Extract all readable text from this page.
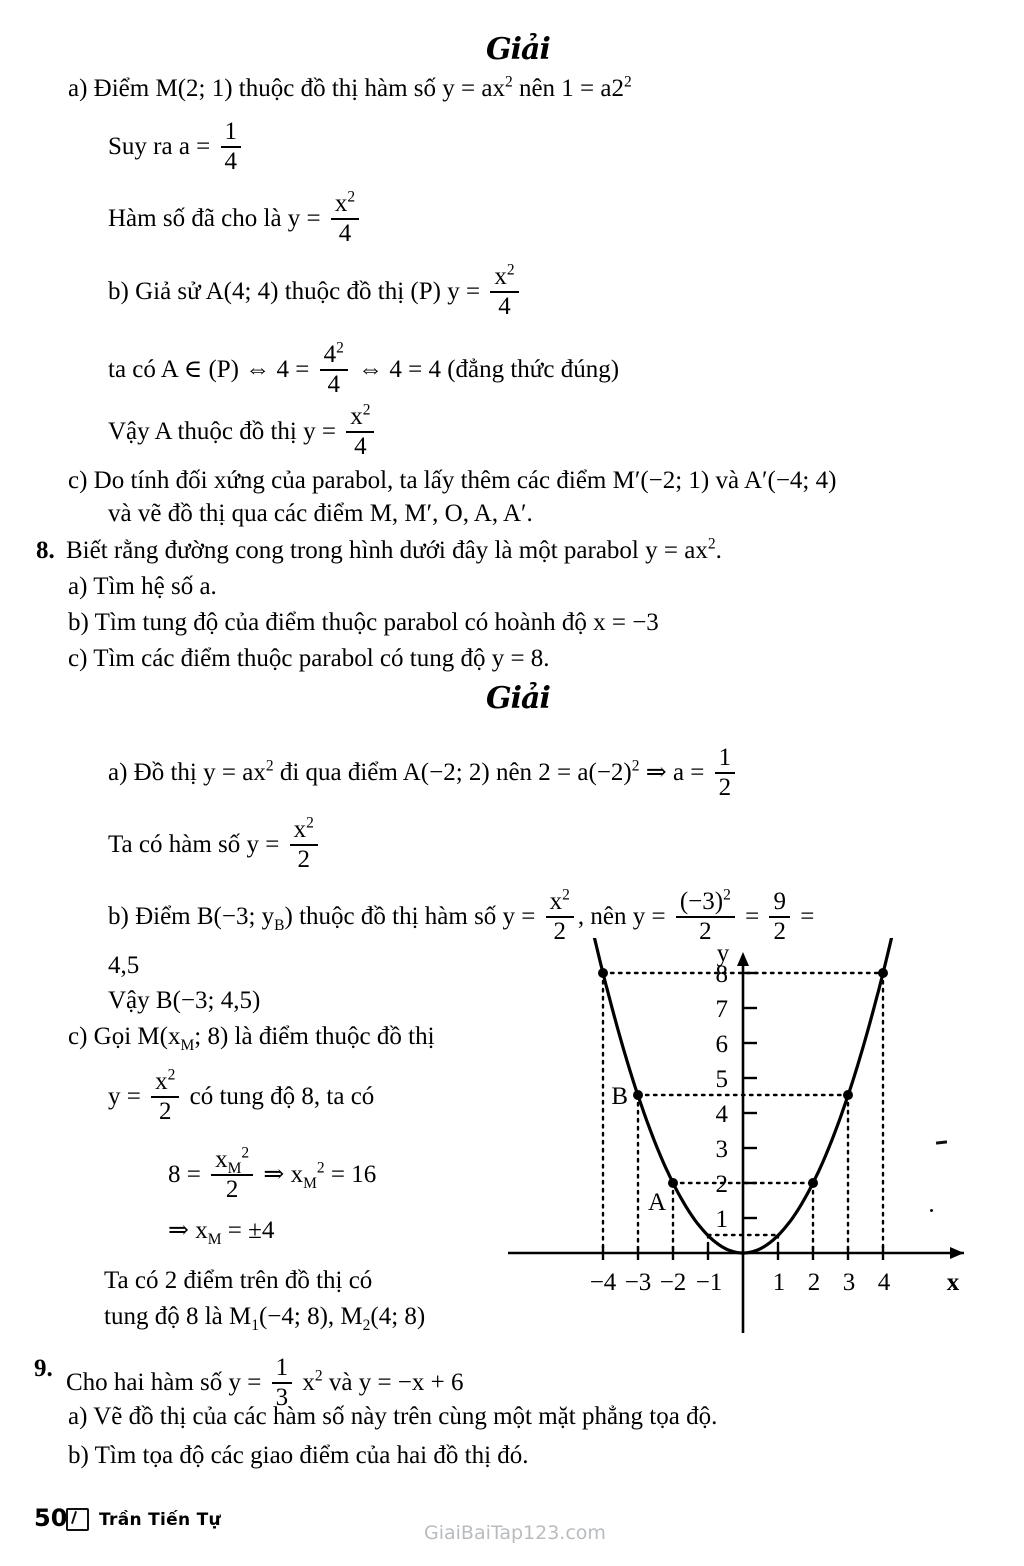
Giải
a) Điểm M(2; 1) thuộc đồ thị hàm số $y = ax^2$ nên $1 = a2^2$
Suy ra $a = \frac{1}{4}$
Hàm số đã cho là $y = \frac{x^2}{4}$
b) Giả sử A(4; 4) thuộc đồ thị (P) $y = \frac{x^2}{4}$
ta có A ∈ (P) ⇔ $4 = \frac{4^2}{4}$ ⇔ 4 = 4 (đẳng thức đúng)
Vậy A thuộc đồ thị $y = \frac{x^2}{4}$
c) Do tính đối xứng của parabol, ta lấy thêm các điểm M′(−2; 1) và A′(−4; 4)
và vẽ đồ thị qua các điểm M, M′, O, A, A′.
8. Biết rằng đường cong trong hình dưới đây là một parabol $y = ax^2$.
a) Tìm hệ số a.
b) Tìm tung độ của điểm thuộc parabol có hoành độ x = −3
c) Tìm các điểm thuộc parabol có tung độ y = 8.
Giải
a) Đồ thị $y = ax^2$ đi qua điểm A(−2; 2) nên $2 = a(-2)^2$ ⇒ $a = \frac{1}{2}$
Ta có hàm số $y = \frac{x^2}{2}$
b) Điểm B(−3; $y_B$) thuộc đồ thị hàm số $y = \frac{x^2}{2}$ , nên $y = \frac{(-3)^2}{2} = \frac{9}{2}$ =
4,5
Vậy B(−3; 4,5)
c) Gọi $M(x_M$; 8) là điểm thuộc đồ thị
$y = \frac{x^2}{2}$ có tung độ 8, ta có
$8 = \frac{x_M^2}{2}$ ⇒ $x_M^2 = 16$
⇒ $x_M = \pm 4$
Ta có 2 điểm trên đồ thị có
tung độ 8 là $M_1(-4$; 8), $M_2(4$; 8)
9.
Cho hai hàm số $y = \frac{1}{3} x^2$ và y = −x + 6
a) Vẽ đồ thị của các hàm số này trên cùng một mặt phẳng tọa độ.
b) Tìm tọa độ các giao điểm của hai đồ thị đó.
y
x
8
7
6
5
4
3
2
1
−4 −3 −2 −1 1 2 3 4
B
A
50 Trần Tiến Tự
GiaiBaiTap123.com
